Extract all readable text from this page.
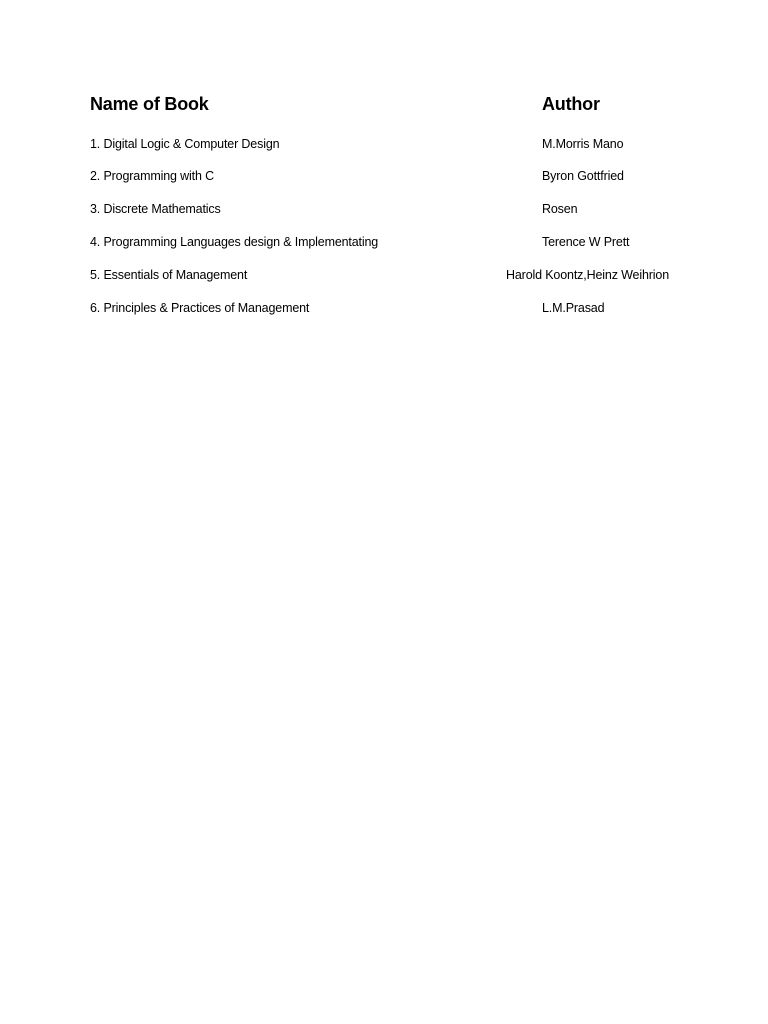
Name of Book	Author
1. Digital Logic & Computer Design	M.Morris Mano
2. Programming with C	Byron Gottfried
3. Discrete Mathematics	Rosen
4. Programming Languages design & Implementating	Terence W Prett
5. Essentials of Management	Harold Koontz,Heinz Weihrion
6. Principles & Practices of Management	L.M.Prasad
